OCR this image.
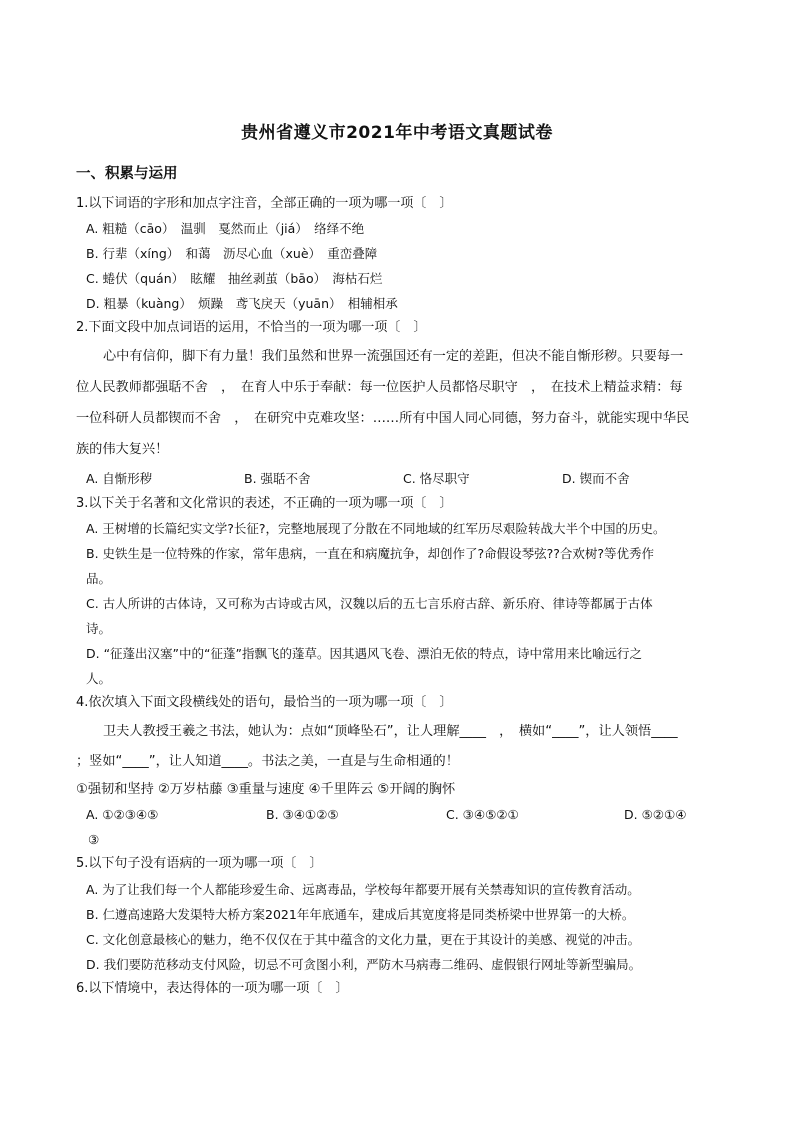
贵州省遵义市2021年中考语文真题试卷
一、积累与运用
1.以下词语的字形和加点字注音，全部正确的一项为哪一项〔　〕
A. 粗糙（cāo）　温驯　戛然而止（jiá）　络绎不绝
B. 行辈（xíng）　和蔼　沥尽心血（xuè）　重峦叠障
C. 蜷伏（quán）　眩耀　抽丝剥茧（bāo）　海枯石烂
D. 粗暴（kuàng）　烦躁　鸢飞戾天（yuān）　相辅相承
2.下面文段中加点词语的运用，不恰当的一项为哪一项〔　〕
心中有信仰，脚下有力量！我们虽然和世界一流强国还有一定的差距，但决不能自惭形秽。只要每一
位人民教师都强聒不舍　，　在育人中乐于奉献：每一位医护人员都恪尽职守　，　在技术上精益求精：每
一位科研人员都锲而不舍　，　在研究中克难攻坚：……所有中国人同心同德，努力奋斗，就能实现中华民
族的伟大复兴！
A. 自惭形秽	B. 强聒不舍	C. 恪尽职守	D. 锲而不舍
3.以下关于名著和文化常识的表述，不正确的一项为哪一项〔　〕
A. 王树增的长篇纪实文学?长征?，完整地展现了分散在不同地域的红军历尽艰险转战大半个中国的历史。
B. 史铁生是一位特殊的作家，常年患病，一直在和病魔抗争，却创作了?命假设琴弦??合欢树?等优秀作
品。
C. 古人所讲的古体诗，又可称为古诗或古风，汉魏以后的五七言乐府古辞、新乐府、律诗等都属于古体
诗。
D. “征蓬出汉塞”中的“征蓬”指飘飞的蓬草。因其遇风飞卷、漂泊无依的特点，诗中常用来比喻远行之
人。
4.依次填入下面文段横线处的语句，最恰当的一项为哪一项〔　〕
卫夫人教授王羲之书法，她认为：点如“顶峰坠石”，让人理解____　，　横如“____”，让人领悟____
；竖如“____”，让人知道____。书法之美，一直是与生命相通的！
①强韧和坚持 ②万岁枯藤 ③重量与速度 ④千里阵云 ⑤开阔的胸怀
A. ①②③④⑤	B. ③④①②⑤	C. ③④⑤②①	D. ⑤②①④
③
5.以下句子没有语病的一项为哪一项〔　〕
A. 为了让我们每一个人都能珍爱生命、远离毒品，学校每年都要开展有关禁毒知识的宣传教育活动。
B. 仁遵高速路大发渠特大桥方案2021年年底通车，建成后其宽度将是同类桥梁中世界第一的大桥。
C. 文化创意最核心的魅力，绝不仅仅在于其中蕴含的文化力量，更在于其设计的美感、视觉的冲击。
D. 我们要防范移动支付风险，切忌不可贪图小利，严防木马病毒二维码、虚假银行网址等新型骗局。
6.以下情境中，表达得体的一项为哪一项〔　〕
